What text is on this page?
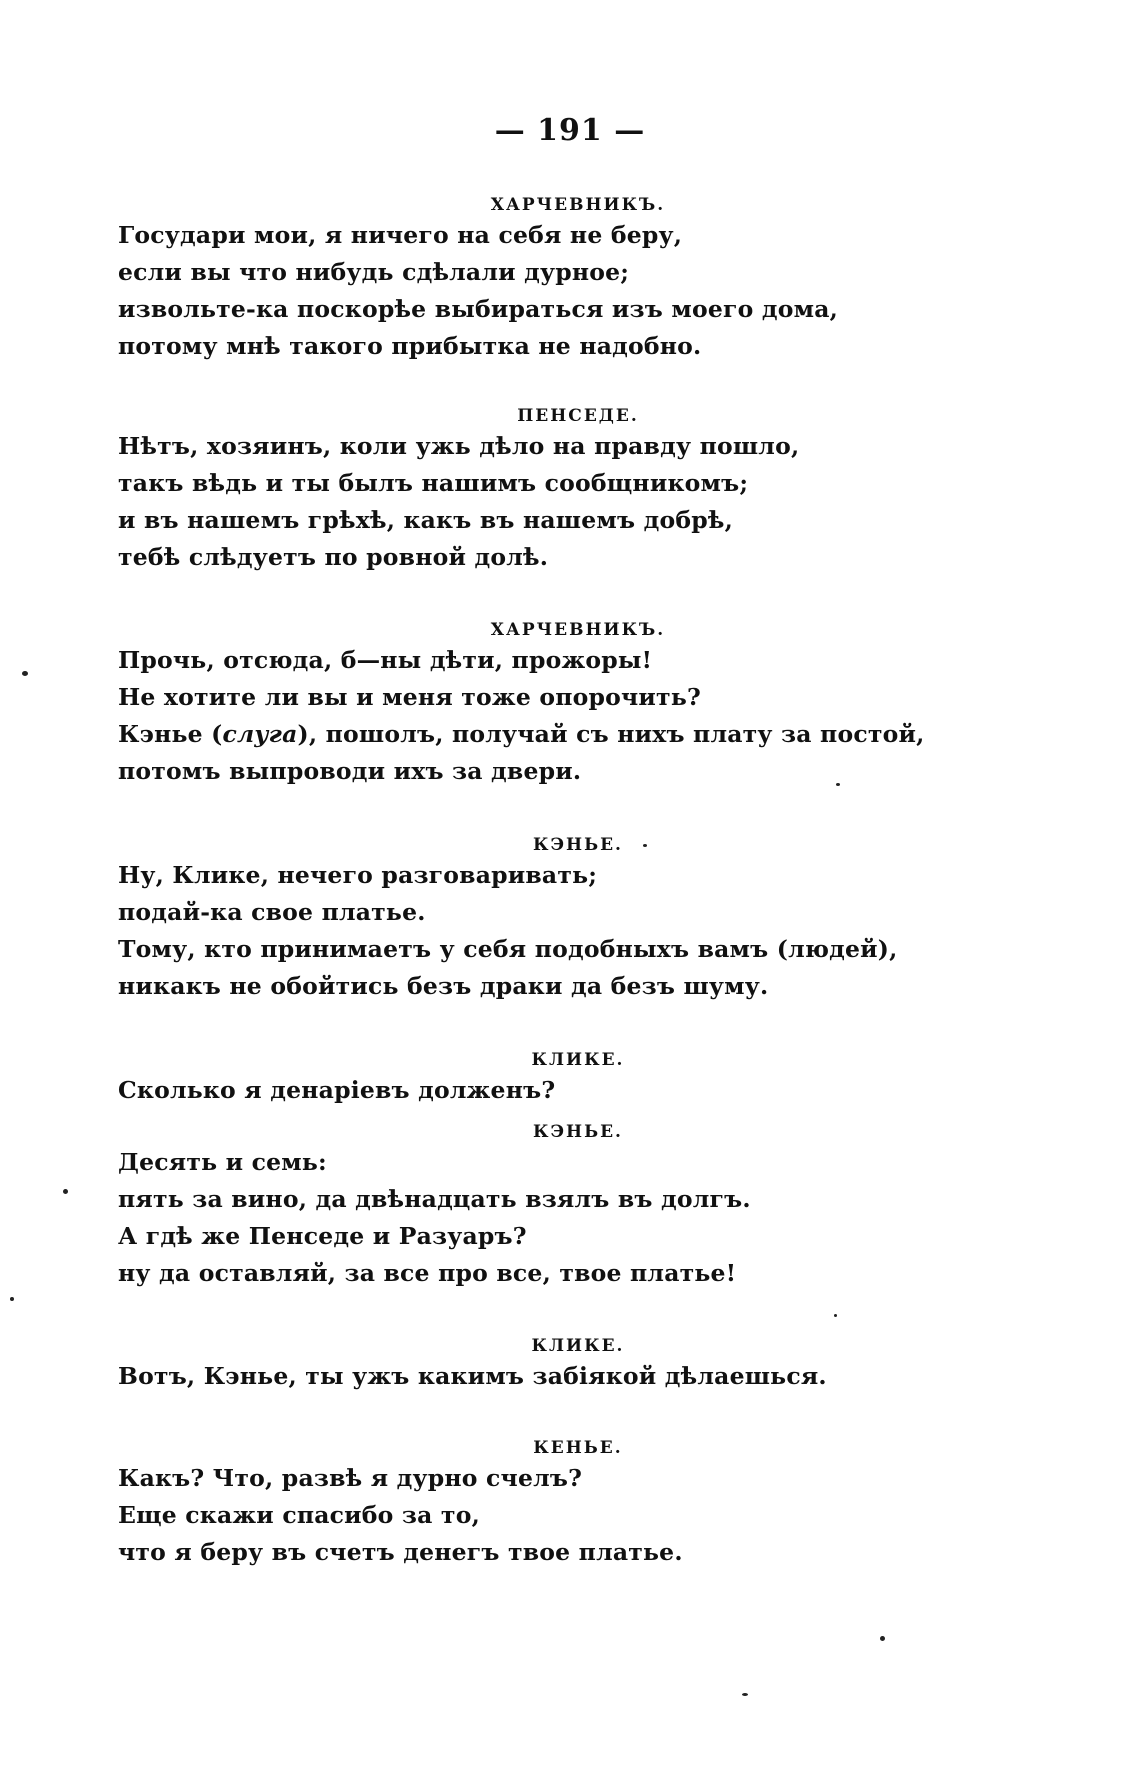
— 191 —
ХАРЧЕВНИКЪ.
Государи мои, я ничего на себя не беру,
если вы что нибудь сдѣлали дурное;
извольте-ка поскорѣе выбираться изъ моего дома,
потому мнѣ такого прибытка не надобно.
ПЕНСЕДЕ.
Нѣтъ, хозяинъ, коли ужь дѣло на правду пошло,
такъ вѣдь и ты былъ нашимъ сообщникомъ;
и въ нашемъ грѣхѣ, какъ въ нашемъ добрѣ,
тебѣ слѣдуетъ по ровной долѣ.
ХАРЧЕВНИКЪ.
Прочь, отсюда, б—ны дѣти, прожоры!
Не хотите ли вы и меня тоже опорочить?
Кэнье (слуга), пошолъ, получай съ нихъ плату за постой,
потомъ выпроводи ихъ за двери.
КЭНЬЕ.
Ну, Клике, нечего разговаривать;
подай-ка свое платье.
Тому, кто принимаетъ у себя подобныхъ вамъ (людей),
никакъ не обойтись безъ драки да безъ шуму.
КЛИКЕ.
Сколько я денаріевъ долженъ?
КЭНЬЕ.
Десять и семь:
пять за вино, да двѣнадцать взялъ въ долгъ.
А гдѣ же Пенседе и Разуаръ?
ну да оставляй, за все про все, твое платье!
КЛИКЕ.
Вотъ, Кэнье, ты ужъ какимъ забіякой дѣлаешься.
КЕНЬЕ.
Какъ? Что, развѣ я дурно счелъ?
Еще скажи спасибо за то,
что я беру въ счетъ денегъ твое платье.
